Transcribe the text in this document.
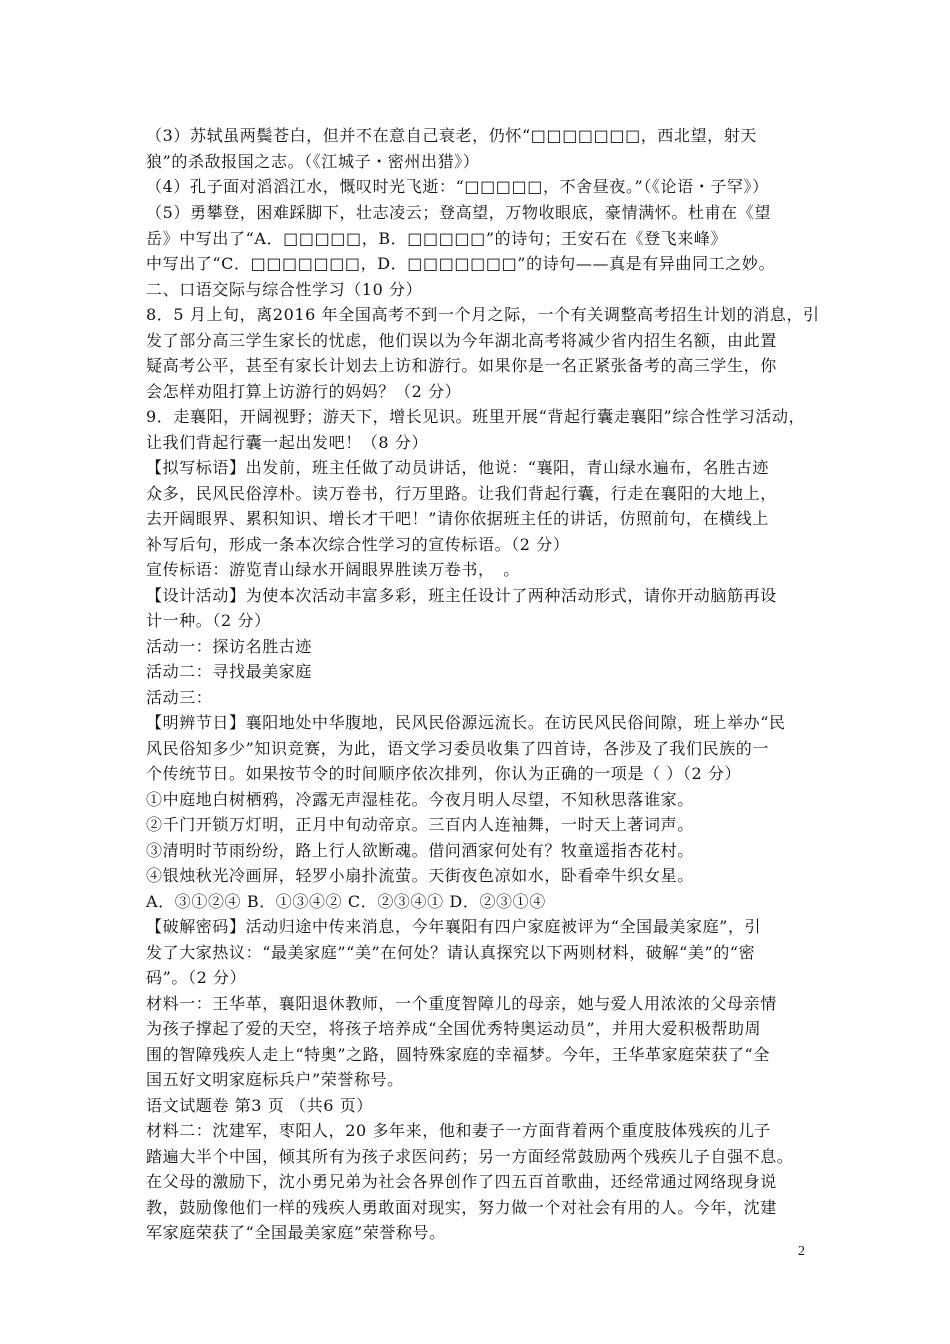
（3）苏轼虽两鬓苍白，但并不在意自己衰老，仍怀“□□□□□□□，西北望，射天
狼”的杀敌报国之志。（《江城子・密州出猎》）
（4）孔子面对滔滔江水，慨叹时光飞逝：“□□□□□，不舍昼夜。”（《论语・子罕》）
（5）勇攀登，困难踩脚下，壮志凌云；登高望，万物收眼底，豪情满怀。杜甫在《望
岳》中写出了“A．□□□□□，B．□□□□□”的诗句；王安石在《登飞来峰》
中写出了“C．□□□□□□□，D．□□□□□□□”的诗句——真是有异曲同工之妙。
二、口语交际与综合性学习（10 分）
8．5 月上旬，离2016 年全国高考不到一个月之际，一个有关调整高考招生计划的消息，引
发了部分高三学生家长的忧虑，他们误以为今年湖北高考将减少省内招生名额，由此置
疑高考公平，甚至有家长计划去上访和游行。如果你是一名正紧张备考的高三学生，你
会怎样劝阻打算上访游行的妈妈？（2 分）
9．走襄阳，开阔视野；游天下，增长见识。班里开展“背起行囊走襄阳”综合性学习活动，
让我们背起行囊一起出发吧！（8 分）
【拟写标语】出发前，班主任做了动员讲话，他说：“襄阳，青山绿水遍布，名胜古迹
众多，民风民俗淳朴。读万卷书，行万里路。让我们背起行囊，行走在襄阳的大地上，
去开阔眼界、累积知识、增长才干吧！”请你依据班主任的讲话，仿照前句，在横线上
补写后句，形成一条本次综合性学习的宣传标语。（2 分）
宣传标语：游览青山绿水开阔眼界胜读万卷书，　。
【设计活动】为使本次活动丰富多彩，班主任设计了两种活动形式，请你开动脑筋再设
计一种。（2 分）
活动一：探访名胜古迹
活动二：寻找最美家庭
活动三：
【明辨节日】襄阳地处中华腹地，民风民俗源远流长。在访民风民俗间隙，班上举办“民
风民俗知多少”知识竞赛，为此，语文学习委员收集了四首诗，各涉及了我们民族的一
个传统节日。如果按节令的时间顺序依次排列，你认为正确的一项是（ ）（2 分）
①中庭地白树栖鸦，冷露无声湿桂花。今夜月明人尽望，不知秋思落谁家。
②千门开锁万灯明，正月中旬动帝京。三百内人连袖舞，一时天上著词声。
③清明时节雨纷纷，路上行人欲断魂。借问酒家何处有？牧童遥指杏花村。
④银烛秋光冷画屏，轻罗小扇扑流萤。天街夜色凉如水，卧看牵牛织女星。
A．③①②④ B．①③④② C．②③④① D．②③①④
【破解密码】活动归途中传来消息，今年襄阳有四户家庭被评为“全国最美家庭”，引
发了大家热议：“最美家庭”“美”在何处？请认真探究以下两则材料，破解“美”的“密
码”。（2 分）
材料一：王华革，襄阳退休教师，一个重度智障儿的母亲，她与爱人用浓浓的父母亲情
为孩子撑起了爱的天空，将孩子培养成“全国优秀特奥运动员”，并用大爱积极帮助周
围的智障残疾人走上“特奥”之路，圆特殊家庭的幸福梦。今年，王华革家庭荣获了“全
国五好文明家庭标兵户”荣誉称号。
语文试题卷 第3 页 （共6 页）
材料二：沈建军，枣阳人，20 多年来，他和妻子一方面背着两个重度肢体残疾的儿子
踏遍大半个中国，倾其所有为孩子求医问药；另一方面经常鼓励两个残疾儿子自强不息。
在父母的激励下，沈小勇兄弟为社会各界创作了四五百首歌曲，还经常通过网络现身说
教，鼓励像他们一样的残疾人勇敢面对现实，努力做一个对社会有用的人。今年，沈建
军家庭荣获了“全国最美家庭”荣誉称号。
2
